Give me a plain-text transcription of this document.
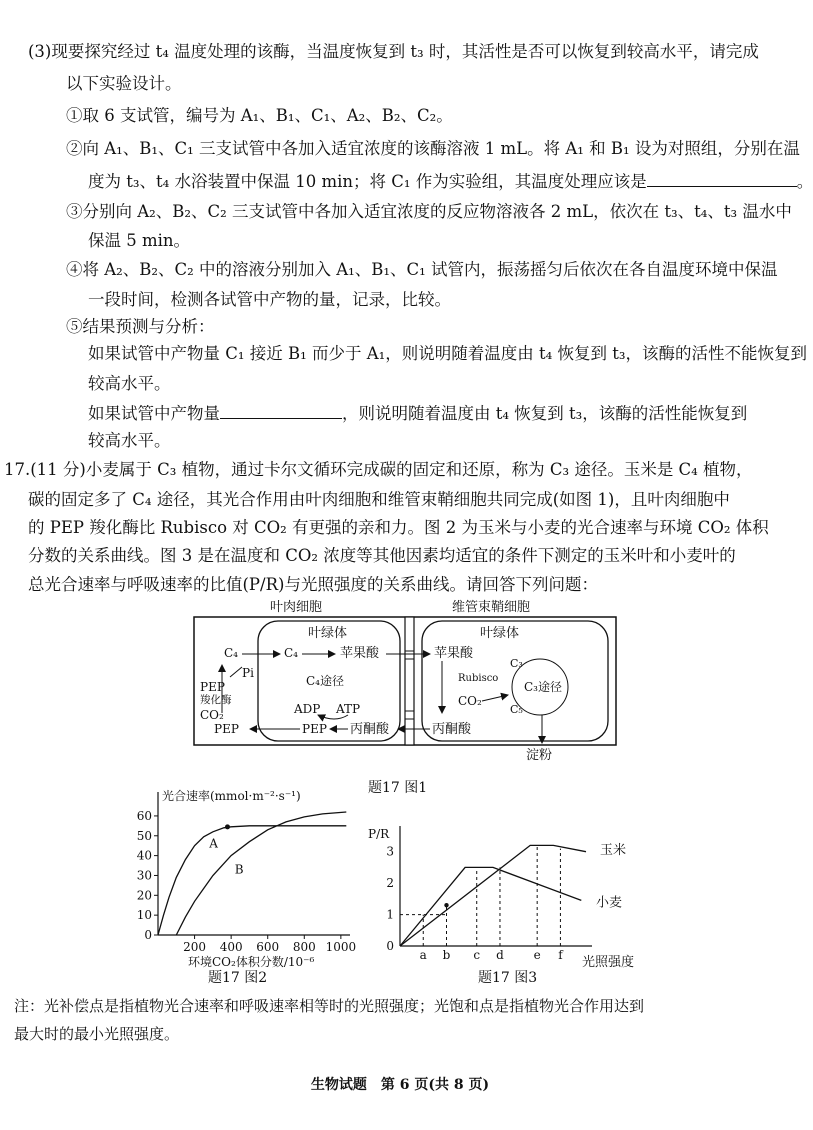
(3)现要探究经过 t₄ 温度处理的该酶，当温度恢复到 t₃ 时，其活性是否可以恢复到较高水平，请完成
以下实验设计。
①取 6 支试管，编号为 A₁、B₁、C₁、A₂、B₂、C₂。
②向 A₁、B₁、C₁ 三支试管中各加入适宜浓度的该酶溶液 1 mL。将 A₁ 和 B₁ 设为对照组，分别在温
度为 t₃、t₄ 水浴装置中保温 10 min；将 C₁ 作为实验组，其温度处理应该是	。
③分别向 A₂、B₂、C₂ 三支试管中各加入适宜浓度的反应物溶液各 2 mL，依次在 t₃、t₄、t₃ 温水中
保温 5 min。
④将 A₂、B₂、C₂ 中的溶液分别加入 A₁、B₁、C₁ 试管内，振荡摇匀后依次在各自温度环境中保温
一段时间，检测各试管中产物的量，记录，比较。
⑤结果预测与分析：
如果试管中产物量 C₁ 接近 B₁ 而少于 A₁，则说明随着温度由 t₄ 恢复到 t₃，该酶的活性不能恢复到
较高水平。
如果试管中产物量	，则说明随着温度由 t₄ 恢复到 t₃，该酶的活性能恢复到
较高水平。
17.(11 分)小麦属于 C₃ 植物，通过卡尔文循环完成碳的固定和还原，称为 C₃ 途径。玉米是 C₄ 植物，
碳的固定多了 C₄ 途径，其光合作用由叶肉细胞和维管束鞘细胞共同完成(如图 1)，且叶肉细胞中
的 PEP 羧化酶比 Rubisco 对 CO₂ 有更强的亲和力。图 2 为玉米与小麦的光合速率与环境 CO₂ 体积
分数的关系曲线。图 3 是在温度和 CO₂ 浓度等其他因素均适宜的条件下测定的玉米叶和小麦叶的
总光合速率与呼吸速率的比值(P/R)与光照强度的关系曲线。请回答下列问题：
叶肉细胞	维管束鞘细胞
叶绿体	叶绿体
C₄	C₄	苹果酸	苹果酸
Pi
PEP
羧化酶
CO₂
PEP	PEP 丙酮酸
C₄途径
ADP ATP
丙酮酸
Rubisco
CO₂
C₃
C₃途径
C₅
淀粉
题17 图1
光合速率(mmol·m⁻²·s⁻¹)
环境CO₂体积分数/10⁻⁶
0
10
20
30
40
50
60
200 400 600 800 1000
A
B
题17 图2
P/R
光照强度
0
1
2
3
a b c d e f
玉米
小麦
题17 图3
注：光补偿点是指植物光合速率和呼吸速率相等时的光照强度；光饱和点是指植物光合作用达到
最大时的最小光照强度。
生物试题　第 6 页(共 8 页)
